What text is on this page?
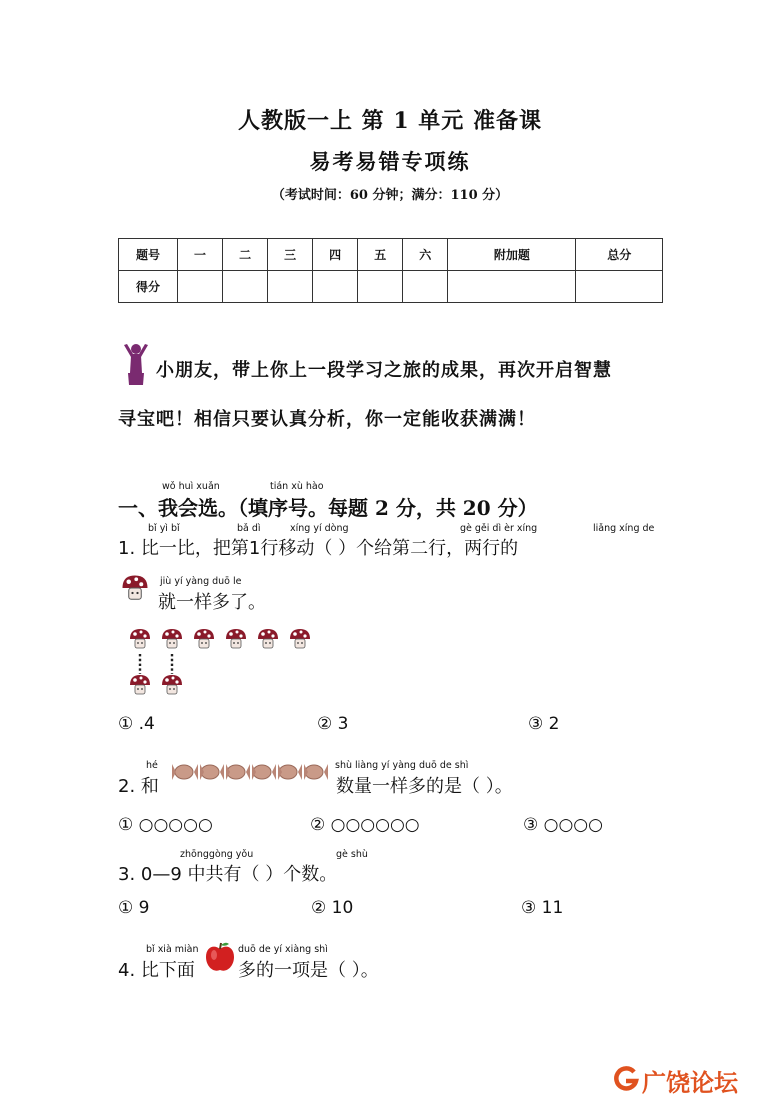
人教版一上 第 1 单元 准备课
易考易错专项练
（考试时间：60 分钟；满分：110 分）
题号	一	二	三	四	五	六	附加题	总分
得分								
小朋友，带上你上一段学习之旅的成果，再次开启智慧
寻宝吧！相信只要认真分析，你一定能收获满满！
wǒ huì xuǎn	tián xù hào
一、我会选。（填序号。每题 2 分，共 20 分）
bǐ yì bǐ	bǎ dì	xíng yí dòng	gè gěi dì èr xíng	liǎng xíng de
1. 比一比，把第1行移动（ ）个给第二行，两行的
jiù yí yàng duō le
就一样多了。
① .4	② 3	③ 2
hé	shù liàng yí yàng duō de shì
2. 和	数量一样多的是（ ）。
① ○○○○○	② ○○○○○○	③ ○○○○
zhōnggòng yǒu	gè shù
3. 0—9 中共有（ ）个数。
① 9	② 10	③ 11
bǐ xià miàn	duō de yí xiàng shì
4. 比下面 多的一项是（ ）。
广饶论坛
